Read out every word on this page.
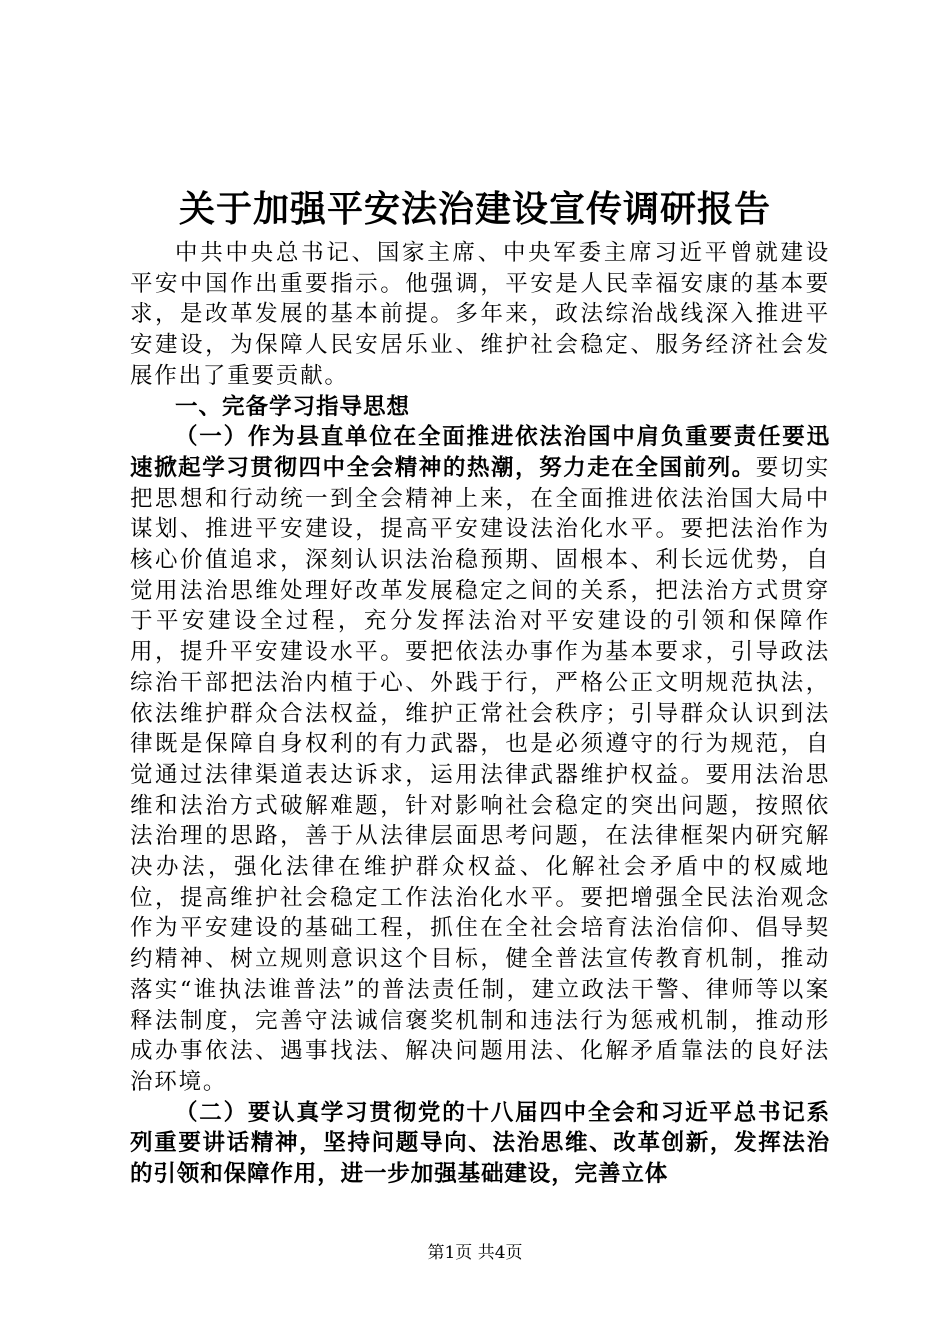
关于加强平安法治建设宣传调研报告

中共中央总书记、国家主席、中央军委主席习近平曾就建设平安中国作出重要指示。他强调，平安是人民幸福安康的基本要求，是改革发展的基本前提。多年来，政法综治战线深入推进平安建设，为保障人民安居乐业、维护社会稳定、服务经济社会发展作出了重要贡献。

一、完备学习指导思想

（一）作为县直单位在全面推进依法治国中肩负重要责任要迅速掀起学习贯彻四中全会精神的热潮，努力走在全国前列。要切实把思想和行动统一到全会精神上来，在全面推进依法治国大局中谋划、推进平安建设，提高平安建设法治化水平。要把法治作为核心价值追求，深刻认识法治稳预期、固根本、利长远优势，自觉用法治思维处理好改革发展稳定之间的关系，把法治方式贯穿于平安建设全过程，充分发挥法治对平安建设的引领和保障作用，提升平安建设水平。要把依法办事作为基本要求，引导政法综治干部把法治内植于心、外践于行，严格公正文明规范执法，依法维护群众合法权益，维护正常社会秩序；引导群众认识到法律既是保障自身权利的有力武器，也是必须遵守的行为规范，自觉通过法律渠道表达诉求，运用法律武器维护权益。要用法治思维和法治方式破解难题，针对影响社会稳定的突出问题，按照依法治理的思路，善于从法律层面思考问题，在法律框架内研究解决办法，强化法律在维护群众权益、化解社会矛盾中的权威地位，提高维护社会稳定工作法治化水平。要把增强全民法治观念作为平安建设的基础工程，抓住在全社会培育法治信仰、倡导契约精神、树立规则意识这个目标，健全普法宣传教育机制，推动落实“谁执法谁普法”的普法责任制，建立政法干警、律师等以案释法制度，完善守法诚信褒奖机制和违法行为惩戒机制，推动形成办事依法、遇事找法、解决问题用法、化解矛盾靠法的良好法治环境。

（二）要认真学习贯彻党的十八届四中全会和习近平总书记系列重要讲话精神，坚持问题导向、法治思维、改革创新，发挥法治的引领和保障作用，进一步加强基础建设，完善立体

第1页 共4页
